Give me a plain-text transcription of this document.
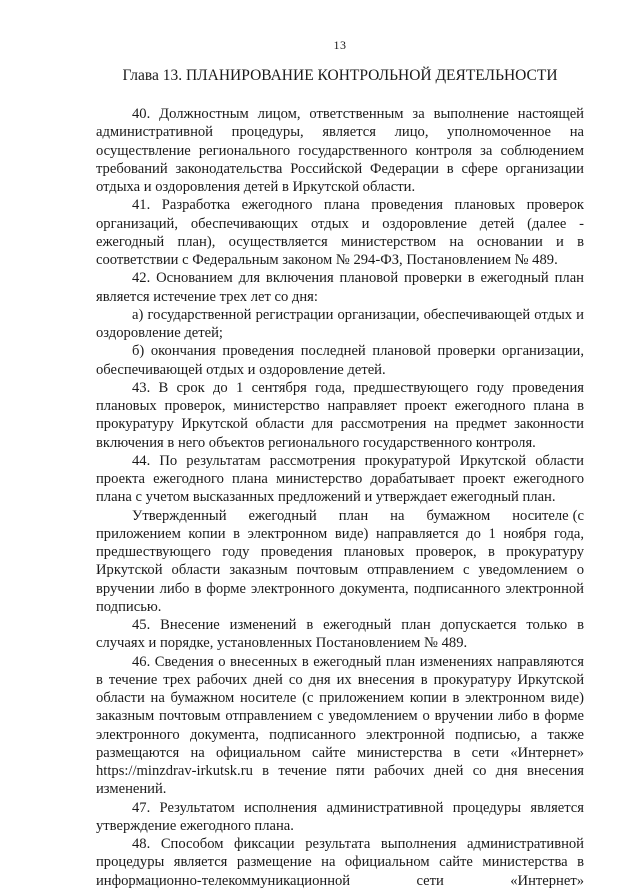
13
Глава 13. ПЛАНИРОВАНИЕ КОНТРОЛЬНОЙ ДЕЯТЕЛЬНОСТИ

40. Должностным лицом, ответственным за выполнение настоящей административной процедуры, является лицо, уполномоченное на осуществление регионального государственного контроля за соблюдением требований законодательства Российской Федерации в сфере организации отдыха и оздоровления детей в Иркутской области.

41. Разработка ежегодного плана проведения плановых проверок организаций, обеспечивающих отдых и оздоровление детей (далее - ежегодный план), осуществляется министерством на основании и в соответствии с Федеральным законом № 294-ФЗ, Постановлением № 489.

42. Основанием для включения плановой проверки в ежегодный план является истечение трех лет со дня:

а) государственной регистрации организации, обеспечивающей отдых и оздоровление детей;

б) окончания проведения последней плановой проверки организации, обеспечивающей отдых и оздоровление детей.

43. В срок до 1 сентября года, предшествующего году проведения плановых проверок, министерство направляет проект ежегодного плана в прокуратуру Иркутской области для рассмотрения на предмет законности включения в него объектов регионального государственного контроля.

44. По результатам рассмотрения прокуратурой Иркутской области проекта ежегодного плана министерство дорабатывает проект ежегодного плана с учетом высказанных предложений и утверждает ежегодный план.

Утвержденный ежегодный план на бумажном носителе (с приложением копии в электронном виде) направляется до 1 ноября года, предшествующего году проведения плановых проверок, в прокуратуру Иркутской области заказным почтовым отправлением с уведомлением о вручении либо в форме электронного документа, подписанного электронной подписью.

45. Внесение изменений в ежегодный план допускается только в случаях и порядке, установленных Постановлением № 489.

46. Сведения о внесенных в ежегодный план изменениях направляются в течение трех рабочих дней со дня их внесения в прокуратуру Иркутской области на бумажном носителе (с приложением копии в электронном виде) заказным почтовым отправлением с уведомлением о вручении либо в форме электронного документа, подписанного электронной подписью, а также размещаются на официальном сайте министерства в сети «Интернет» https://minzdrav-irkutsk.ru в течение пяти рабочих дней со дня внесения изменений.

47. Результатом исполнения административной процедуры является утверждение ежегодного плана.

48. Способом фиксации результата выполнения административной процедуры является размещение на официальном сайте министерства в информационно-телекоммуникационной сети «Интернет»
